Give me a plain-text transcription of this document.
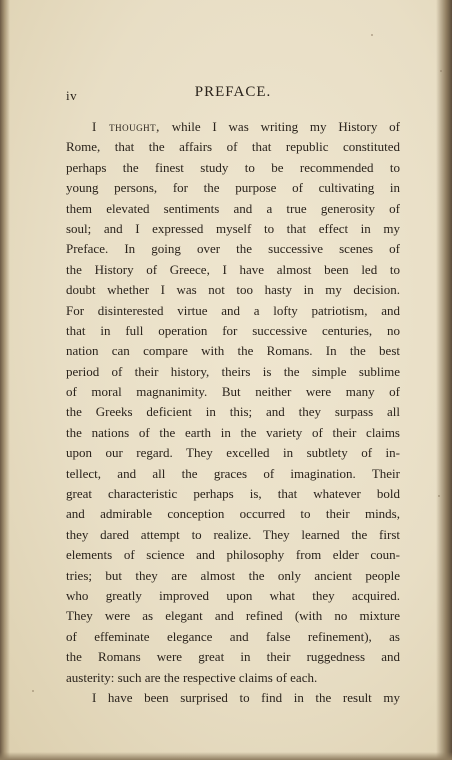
iv	PREFACE.
I thought, while I was writing my History of
Rome, that the affairs of that republic constituted
perhaps the finest study to be recommended to
young persons, for the purpose of cultivating in
them elevated sentiments and a true generosity of
soul; and I expressed myself to that effect in my
Preface. In going over the successive scenes of
the History of Greece, I have almost been led to
doubt whether I was not too hasty in my decision.
For disinterested virtue and a lofty patriotism, and
that in full operation for successive centuries, no
nation can compare with the Romans. In the best
period of their history, theirs is the simple sublime
of moral magnanimity. But neither were many of
the Greeks deficient in this; and they surpass all
the nations of the earth in the variety of their claims
upon our regard. They excelled in subtlety of in-
tellect, and all the graces of imagination. Their
great characteristic perhaps is, that whatever bold
and admirable conception occurred to their minds,
they dared attempt to realize. They learned the first
elements of science and philosophy from elder coun-
tries; but they are almost the only ancient people
who greatly improved upon what they acquired.
They were as elegant and refined (with no mixture
of effeminate elegance and false refinement), as
the Romans were great in their ruggedness and
austerity: such are the respective claims of each.
I have been surprised to find in the result my
